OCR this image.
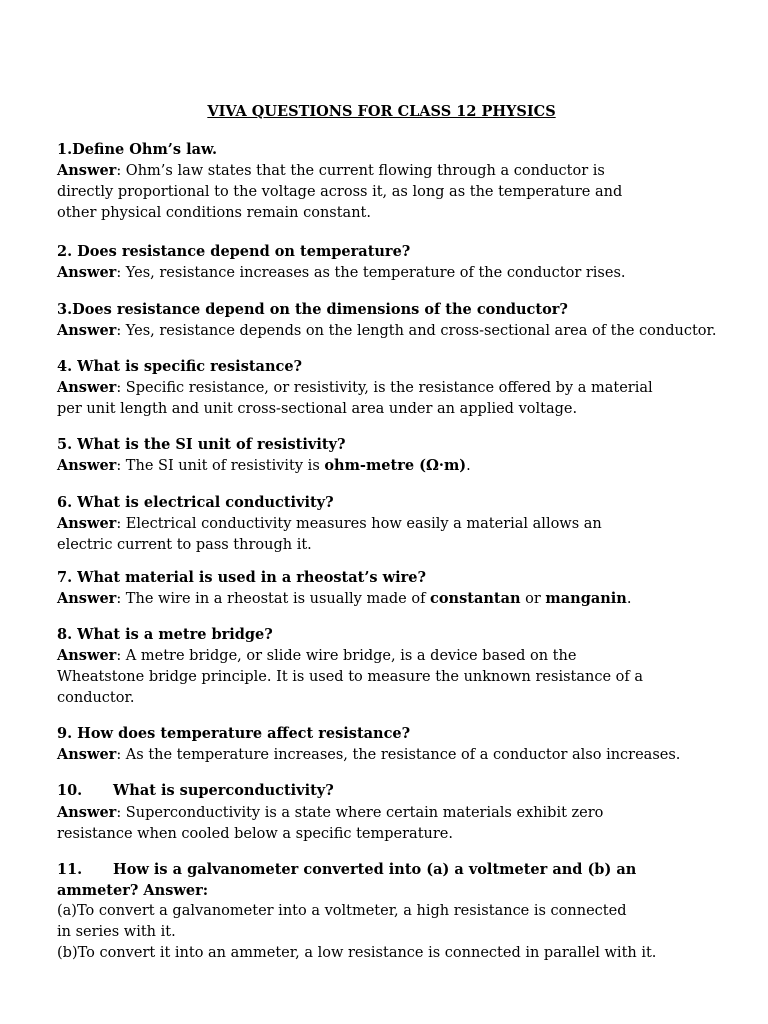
VIVA QUESTIONS FOR CLASS 12 PHYSICS
1.Define Ohm’s law.
Answer: Ohm’s law states that the current flowing through a conductor is
directly proportional to the voltage across it, as long as the temperature and
other physical conditions remain constant.
2. Does resistance depend on temperature?
Answer: Yes, resistance increases as the temperature of the conductor rises.
3.Does resistance depend on the dimensions of the conductor?
Answer: Yes, resistance depends on the length and cross-sectional area of the conductor.
4. What is specific resistance?
Answer: Specific resistance, or resistivity, is the resistance offered by a material
per unit length and unit cross-sectional area under an applied voltage.
5. What is the SI unit of resistivity?
Answer: The SI unit of resistivity is ohm-metre (Ω·m).
6. What is electrical conductivity?
Answer: Electrical conductivity measures how easily a material allows an
electric current to pass through it.
7. What material is used in a rheostat’s wire?
Answer: The wire in a rheostat is usually made of constantan or manganin.
8. What is a metre bridge?
Answer: A metre bridge, or slide wire bridge, is a device based on the
Wheatstone bridge principle. It is used to measure the unknown resistance of a
conductor.
9. How does temperature affect resistance?
Answer: As the temperature increases, the resistance of a conductor also increases.
10. What is superconductivity?
Answer: Superconductivity is a state where certain materials exhibit zero
resistance when cooled below a specific temperature.
11. How is a galvanometer converted into (a) a voltmeter and (b) an
ammeter? Answer:
(a)To convert a galvanometer into a voltmeter, a high resistance is connected
in series with it.
(b)To convert it into an ammeter, a low resistance is connected in parallel with it.
